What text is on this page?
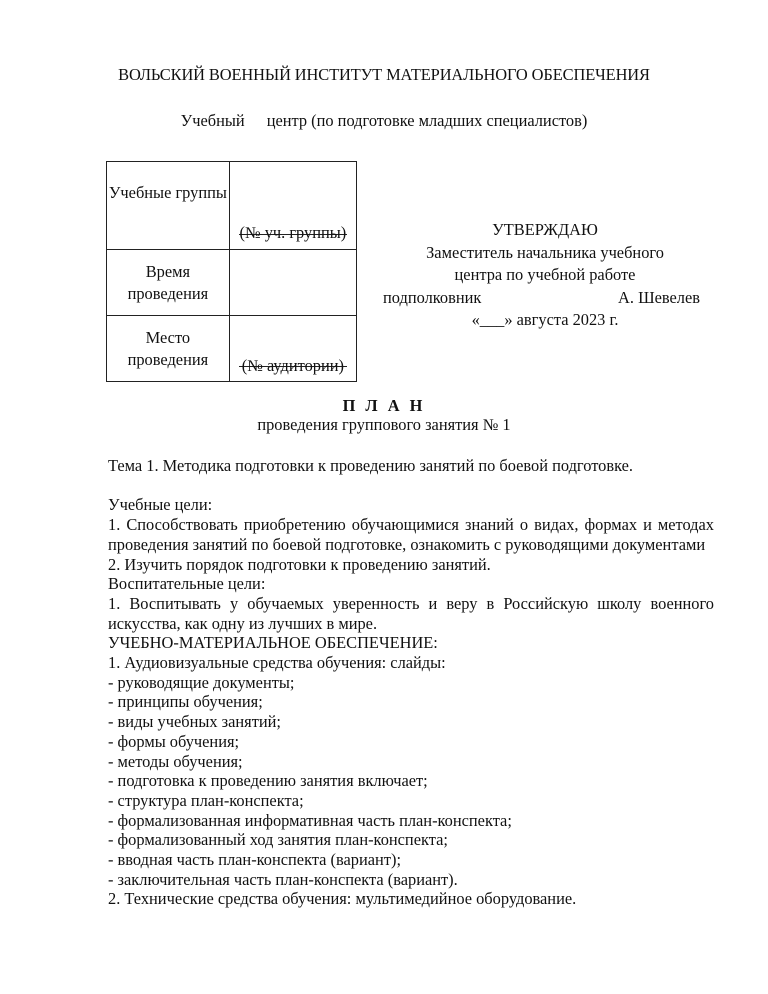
ВОЛЬСКИЙ ВОЕННЫЙ ИНСТИТУТ МАТЕРИАЛЬНОГО ОБЕСПЕЧЕНИЯ
Учебный центр (по подготовке младших специалистов)
Учебные группы	(№ уч. группы)

Время проведения	
Место проведения	(№ аудитории)
УТВЕРЖДАЮ
Заместитель начальника учебного
центра по учебной работе
подполковник	А. Шевелев
«___» августа 2023 г.
П Л А Н
проведения группового занятия № 1

Тема 1. Методика подготовки к проведению занятий по боевой подготовке.

Учебные цели:

1. Способствовать приобретению обучающимися знаний о видах, формах и методах проведения занятий по боевой подготовке, ознакомить с руководящими документами

2. Изучить порядок подготовки к проведению занятий.

Воспитательные цели:

1. Воспитывать у обучаемых уверенность и веру в Российскую школу военного искусства, как одну из лучших в мире.

УЧЕБНО-МАТЕРИАЛЬНОЕ ОБЕСПЕЧЕНИЕ:

1. Аудиовизуальные средства обучения: слайды:

- руководящие документы;

- принципы обучения;

- виды учебных занятий;

- формы обучения;

- методы обучения;

- подготовка к проведению занятия включает;

- структура план-конспекта;

- формализованная информативная часть план-конспекта;

- формализованный ход занятия план-конспекта;

- вводная часть план-конспекта (вариант);

- заключительная часть план-конспекта (вариант).

2. Технические средства обучения: мультимедийное оборудование.
